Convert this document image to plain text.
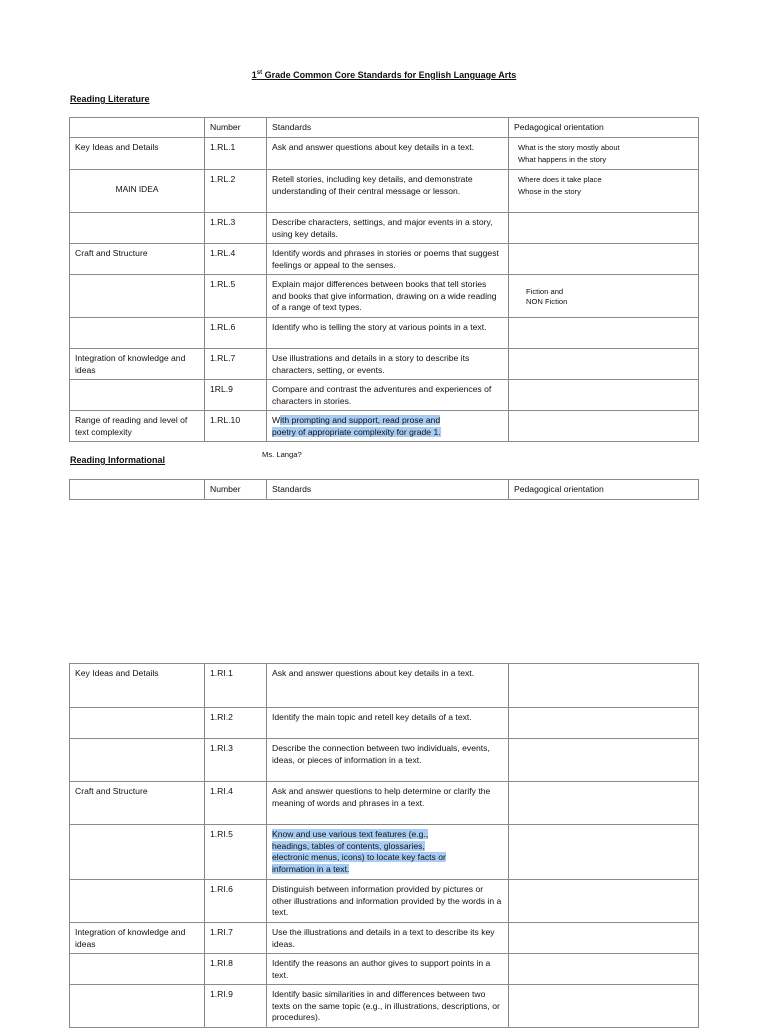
1st Grade Common Core Standards for English Language Arts
Reading Literature
	Number	Standards	Pedagogical orientation
Key Ideas and Details	1.RL.1	Ask and answer questions about key details in a text.	What is the story mostly about
What happens in the story

MAIN IDEA	1.RL.2	Retell stories, including key details, and demonstrate understanding of their central message or lesson.	Where does it take place
Whose in the story

	1.RL.3	Describe characters, settings, and major events in a story, using key details.	
Craft and Structure	1.RL.4	Identify words and phrases in stories or poems that suggest feelings or appeal to the senses.	
	1.RL.5	Explain major differences between books that tell stories and books that give information, drawing on a wide reading of a range of text types.	Fiction and
NON Fiction

	1.RL.6	Identify who is telling the story at various points in a text.	
Integration of knowledge and ideas	1.RL.7	Use illustrations and details in a story to describe its characters, setting, or events.	
	1RL.9	Compare and contrast the adventures and experiences of characters in stories.	
Range of reading and level of text complexity	1.RL.10	With prompting and support, read prose and
poetry of appropriate complexity for grade 1.	
Reading Informational
Ms. Langa?
	Number	Standards	Pedagogical orientation
Key Ideas and Details	1.RI.1	Ask and answer questions about key details in a text.	
	1.RI.2	Identify the main topic and retell key details of a text.	
	1.RI.3	Describe the connection between two individuals, events, ideas, or pieces of information in a text.	
Craft and Structure	1.RI.4	Ask and answer questions to help determine or clarify the meaning of words and phrases in a text.	
	1.RI.5	Know and use various text features (e.g.,
headings, tables of contents, glossaries,
electronic menus, icons) to locate key facts or
information in a text.	
	1.RI.6	Distinguish between information provided by pictures or other illustrations and information provided by the words in a text.	
Integration of knowledge and ideas	1.RI.7	Use the illustrations and details in a text to describe its key ideas.	
	1.RI.8	Identify the reasons an author gives to support points in a text.	
	1.RI.9	Identify basic similarities in and differences between two texts on the same topic (e.g., in illustrations, descriptions, or procedures).	
